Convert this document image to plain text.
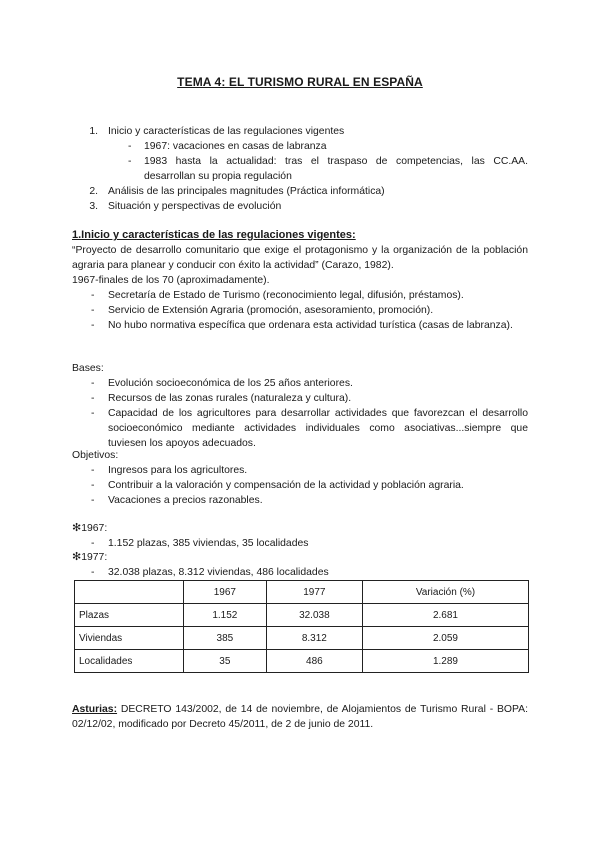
TEMA 4: EL TURISMO RURAL EN ESPAÑA
1. Inicio y características de las regulaciones vigentes
- 1967: vacaciones en casas de labranza
- 1983 hasta la actualidad: tras el traspaso de competencias, las CC.AA.
desarrollan su propia regulación
2. Análisis de las principales magnitudes (Práctica informática)
3. Situación y perspectivas de evolución
1.Inicio y características de las regulaciones vigentes:
“Proyecto de desarrollo comunitario que exige el protagonismo y la organización de la población agraria para planear y conducir con éxito la actividad” (Carazo, 1982).
1967-finales de los 70 (aproximadamente).
- Secretaría de Estado de Turismo (reconocimiento legal, difusión, préstamos).
- Servicio de Extensión Agraria (promoción, asesoramiento, promoción).
- No hubo normativa específica que ordenara esta actividad turística (casas de labranza).
Bases:
- Evolución socioeconómica de los 25 años anteriores.
- Recursos de las zonas rurales (naturaleza y cultura).
- Capacidad de los agricultores para desarrollar actividades que favorezcan el desarrollo socioeconómico mediante actividades individuales como asociativas...siempre que tuviesen los apoyos adecuados.
Objetivos:
- Ingresos para los agricultores.
- Contribuir a la valoración y compensación de la actividad y población agraria.
- Vacaciones a precios razonables.
✻1967:
- 1.152 plazas, 385 viviendas, 35 localidades
✻1977:
- 32.038 plazas, 8.312 viviendas, 486 localidades
	1967	1977	Variación (%)
Plazas	1.152	32.038	2.681
Viviendas	385	8.312	2.059
Localidades	35	486	1.289
Asturias: DECRETO 143/2002, de 14 de noviembre, de Alojamientos de Turismo Rural - BOPA: 02/12/02, modificado por Decreto 45/2011, de 2 de junio de 2011.
